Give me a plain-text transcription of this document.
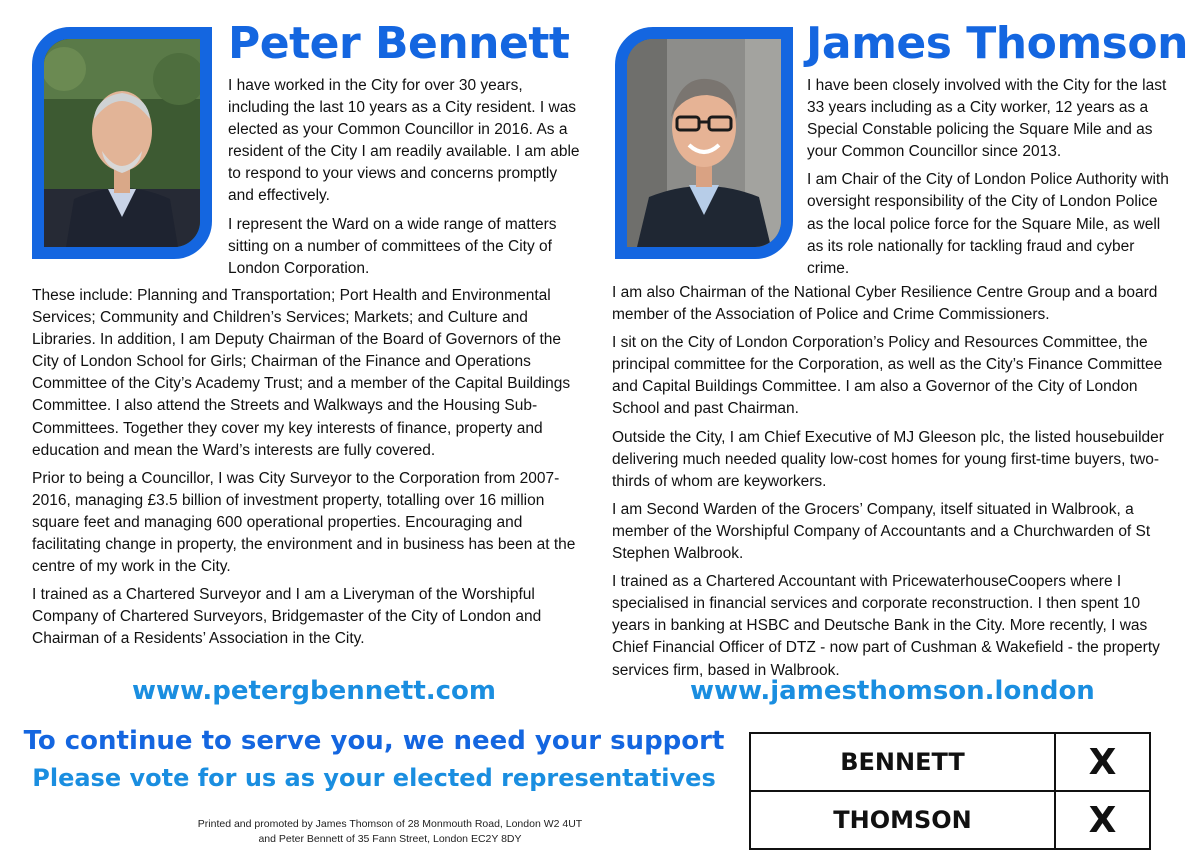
Peter Bennett

I have worked in the City for over 30 years, including the last 10 years as a City resident. I was elected as your Common Councillor in 2016. As a resident of the City I am readily available. I am able to respond to your views and concerns promptly and effectively.

I represent the Ward on a wide range of matters sitting on a number of committees of the City of London Corporation.

These include: Planning and Transportation; Port Health and Environmental Services; Community and Children’s Services; Markets; and Culture and Libraries. In addition, I am Deputy Chairman of the Board of Governors of the City of London School for Girls; Chairman of the Finance and Operations Committee of the City’s Academy Trust; and a member of the Capital Buildings Committee. I also attend the Streets and Walkways and the Housing Sub-Committees. Together they cover my key interests of finance, property and education and mean the Ward’s interests are fully covered.

Prior to being a Councillor, I was City Surveyor to the Corporation from 2007-2016, managing £3.5 billion of investment property, totalling over 16 million square feet and managing 600 operational properties. Encouraging and facilitating change in property, the environment and in business has been at the centre of my work in the City.

I trained as a Chartered Surveyor and I am a Liveryman of the Worshipful Company of Chartered Surveyors, Bridgemaster of the City of London and Chairman of a Residents’ Association in the City.

James Thomson

I have been closely involved with the City for the last 33 years including as a City worker, 12 years as a Special Constable policing the Square Mile and as your Common Councillor since 2013.

I am Chair of the City of London Police Authority with oversight responsibility of the City of London Police as the local police force for the Square Mile, as well as its role nationally for tackling fraud and cyber crime.

I am also Chairman of the National Cyber Resilience Centre Group and a board member of the Association of Police and Crime Commissioners.

I sit on the City of London Corporation’s Policy and Resources Committee, the principal committee for the Corporation, as well as the City’s Finance Committee and Capital Buildings Committee. I am also a Governor of the City of London School and past Chairman.

Outside the City, I am Chief Executive of MJ Gleeson plc, the listed housebuilder delivering much needed quality low-cost homes for young first-time buyers, two-thirds of whom are keyworkers.

I am Second Warden of the Grocers’ Company, itself situated in Walbrook, a member of the Worshipful Company of Accountants and a Churchwarden of St Stephen Walbrook.

I trained as a Chartered Accountant with PricewaterhouseCoopers where I specialised in financial services and corporate reconstruction. I then spent 10 years in banking at HSBC and Deutsche Bank in the City. More recently, I was Chief Financial Officer of DTZ - now part of Cushman & Wakefield - the property services firm, based in Walbrook.

www.petergbennett.com	www.jamesthomson.london
To continue to serve you, we need your support
Please vote for us as your elected representatives
Printed and promoted by James Thomson of 28 Monmouth Road, London W2 4UT
and Peter Bennett of 35 Fann Street, London EC2Y 8DY
BENNETT	X
THOMSON	X
